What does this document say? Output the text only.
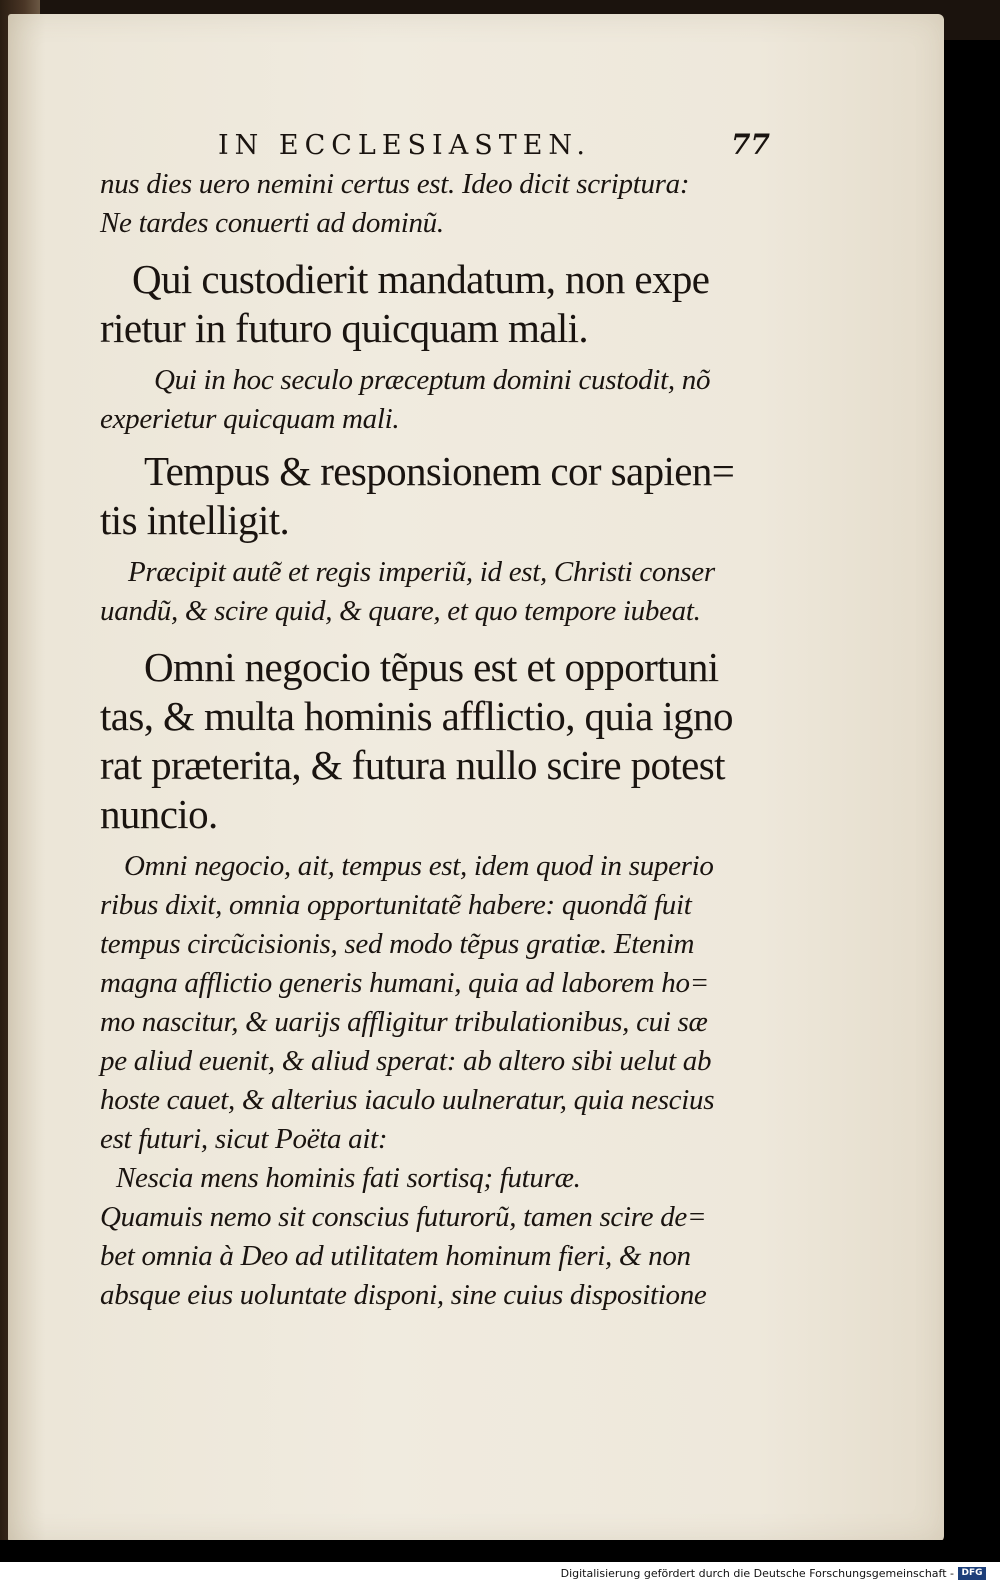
IN ECCLESIASTEN.	77
nus dies uero nemini certus est. Ideo dicit scriptura:
Ne tardes conuerti ad dominũ.
Qui custodierit mandatum, non expe
rietur in futuro quicquam mali.
Qui in hoc seculo præceptum domini custodit, nõ
experietur quicquam mali.
Tempus & responsionem cor sapien=
tis intelligit.
Præcipit autẽ et regis imperiũ, id est, Christi conser
uandũ, & scire quid, & quare, et quo tempore iubeat.
Omni negocio tẽpus est et opportuni
tas, & multa hominis afflictio, quia igno
rat præterita, & futura nullo scire potest
nuncio.
Omni negocio, ait, tempus est, idem quod in superio
ribus dixit, omnia opportunitatẽ habere: quondã fuit
tempus circũcisionis, sed modo tẽpus gratiæ. Etenim
magna afflictio generis humani, quia ad laborem ho=
mo nascitur, & uarijs affligitur tribulationibus, cui sæ
pe aliud euenit, & aliud sperat: ab altero sibi uelut ab
hoste cauet, & alterius iaculo uulneratur, quia nescius
est futuri, sicut Poëta ait:
Nescia mens hominis fati sortisq; futuræ.
Quamuis nemo sit conscius futurorũ, tamen scire de=
bet omnia à Deo ad utilitatem hominum fieri, & non
absque eius uoluntate disponi, sine cuius dispositione
Digitalisierung gefördert durch die Deutsche Forschungsgemeinschaft - DFG
